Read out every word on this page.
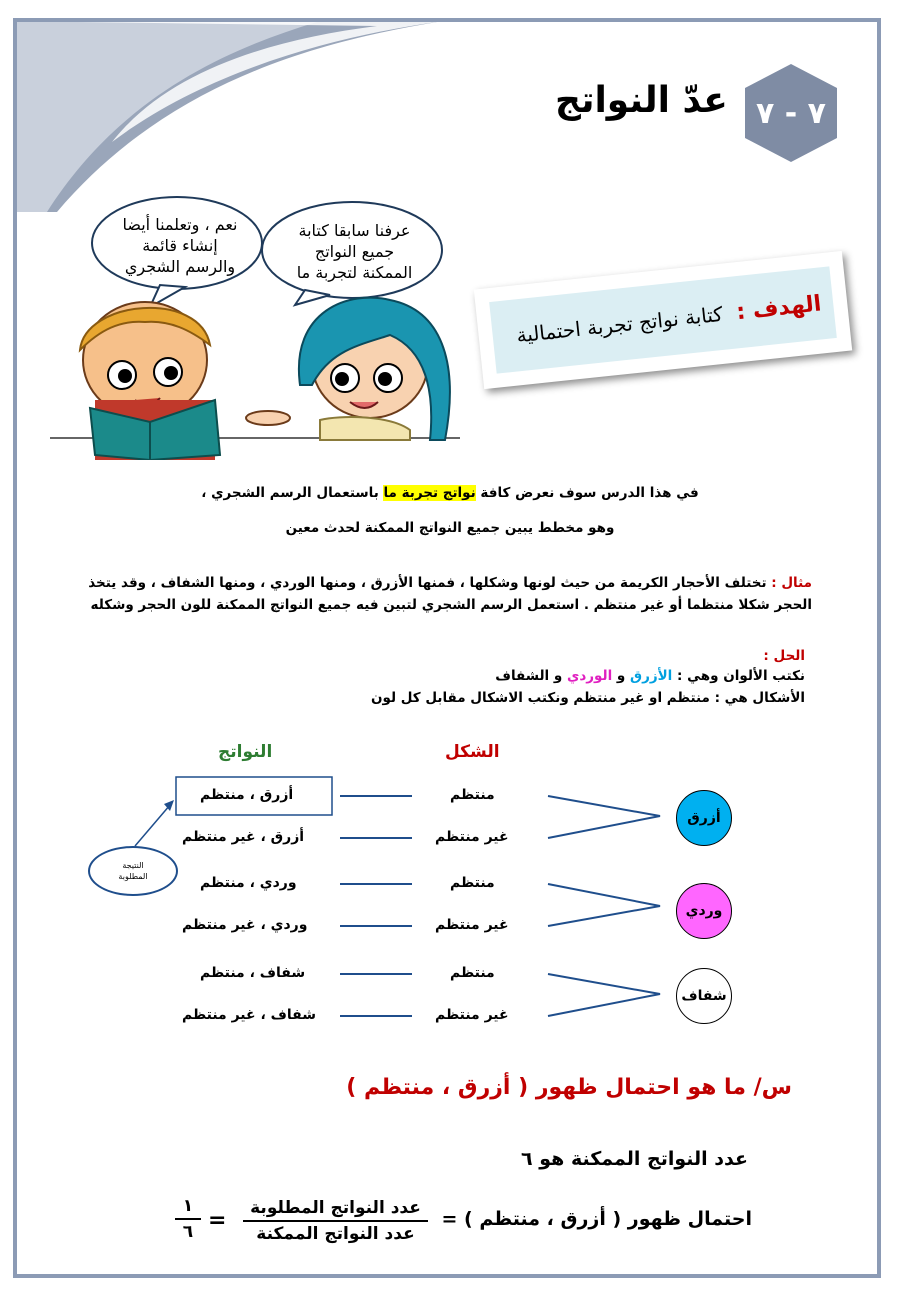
٧ - ٧
عدّ النواتج
نعم ، وتعلمنا أيضا
إنشاء قائمة
والرسم الشجري
عرفنا سابقا كتابة
جميع النواتج
الممكنة لتجربة ما
الهدف :
كتابة نواتج تجربة احتمالية
في هذا الدرس سوف نعرض كافة نواتج تجربة ما باستعمال الرسم الشجري ،
وهو مخطط يبين جميع النواتج الممكنة لحدث معين
مثال : تختلف الأحجار الكريمة من حيث لونها وشكلها ، فمنها الأزرق ، ومنها الوردي ، ومنها الشفاف ، وقد يتخذ الحجر شكلا منتظما أو غير منتظم . استعمل الرسم الشجري لتبين فيه جميع النواتج الممكنة للون الحجر وشكله
الحل :
نكتب الألوان وهي : الأزرق و الوردي و الشفاف
الأشكال هي : منتظم او غير منتظم ونكتب الاشكال مقابل كل لون
النواتج	الشكل
أزرق ، منتظم
أزرق ، غير منتظم
وردي ، منتظم
وردي ، غير منتظم
شفاف ، منتظم
شفاف ، غير منتظم
منتظم
غير منتظم
منتظم
غير منتظم
منتظم
غير منتظم
أزرق
وردي
شفاف
النتيجة
المطلوبة
س/ ما هو احتمال ظهور ( أزرق ، منتظم )
عدد النواتج الممكنة هو ٦
احتمال ظهور ( أزرق ، منتظم ) =
عدد النواتج المطلوبة
عدد النواتج الممكنة
=
١
٦
